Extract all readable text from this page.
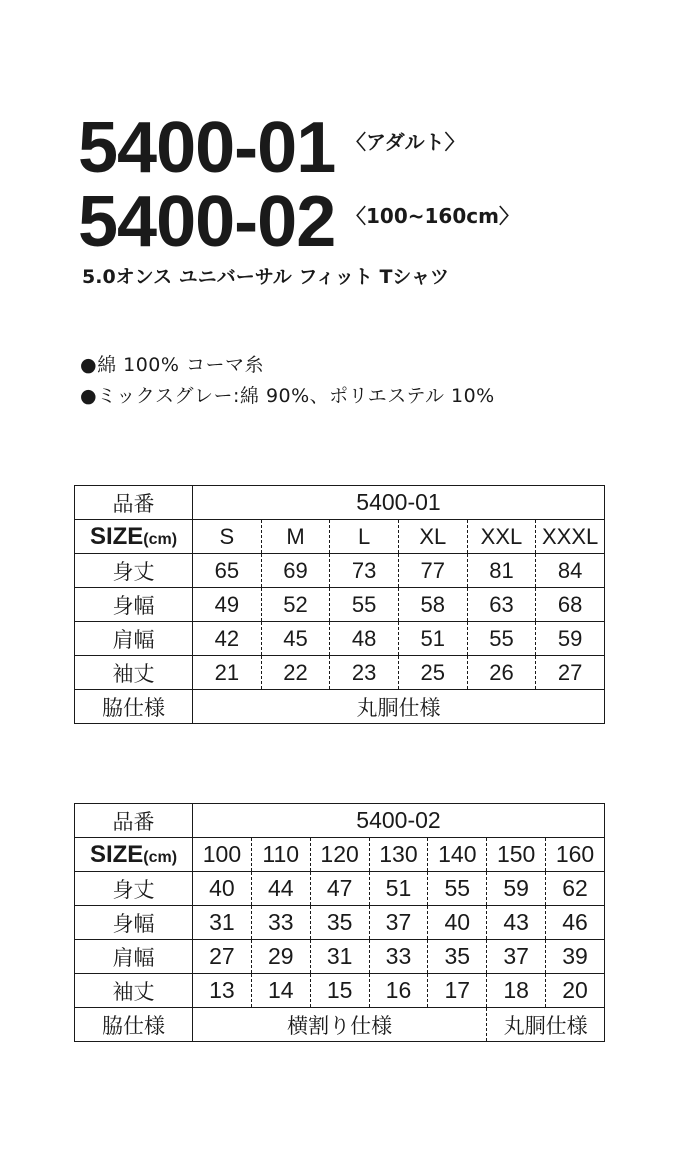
5400-01 〈アダルト〉
5400-02 〈100~160cm〉
5.0オンス ユニバーサル フィット Tシャツ
●綿 100% コーマ糸
●ミックスグレー:綿 90%、ポリエステル 10%
品番	5400-01					
SIZE(cm)	S	M	L	XL	XXL	XXXL
身丈	65	69	73	77	81	84
身幅	49	52	55	58	63	68
肩幅	42	45	48	51	55	59
袖丈	21	22	23	25	26	27
脇仕様	丸胴仕様					
品番	5400-02						
SIZE(cm)	100	110	120	130	140	150	160
身丈	40	44	47	51	55	59	62
身幅	31	33	35	37	40	43	46
肩幅	27	29	31	33	35	37	39
袖丈	13	14	15	16	17	18	20
脇仕様	横割り仕様					丸胴仕様	
